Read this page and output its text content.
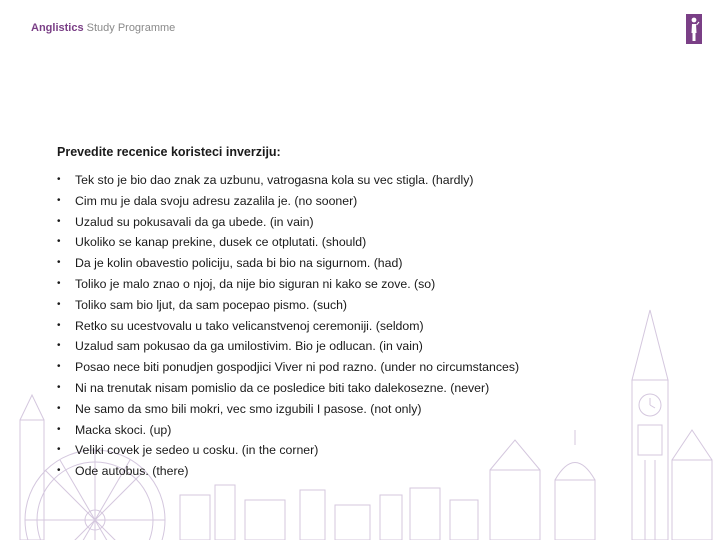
Anglistics Study Programme
Prevedite recenice koristeci inverziju:
• Tek sto je bio dao znak za uzbunu, vatrogasna kola su vec stigla. (hardly)
• Cim mu je dala svoju adresu zazalila je. (no sooner)
• Uzalud su pokusavali da ga ubede. (in vain)
• Ukoliko se kanap prekine, dusek ce otplutati. (should)
• Da je kolin obavestio policiju, sada bi bio na sigurnom. (had)
• Toliko je malo znao o njoj, da nije bio siguran ni kako se zove. (so)
• Toliko sam bio ljut, da sam pocepao pismo. (such)
• Retko su ucestvovalu u tako velicanstvenoj ceremoniji. (seldom)
• Uzalud sam pokusao da ga umilostivim. Bio je odlucan. (in vain)
• Posao nece biti ponudjen gospodjici Viver ni pod razno. (under no circumstances)
• Ni na trenutak nisam pomislio da ce posledice biti tako dalekosezne. (never)
• Ne samo da smo bili mokri, vec smo izgubili I pasose. (not only)
• Macka skoci. (up)
• Veliki covek je sedeo u cosku. (in the corner)
• Ode autobus. (there)
